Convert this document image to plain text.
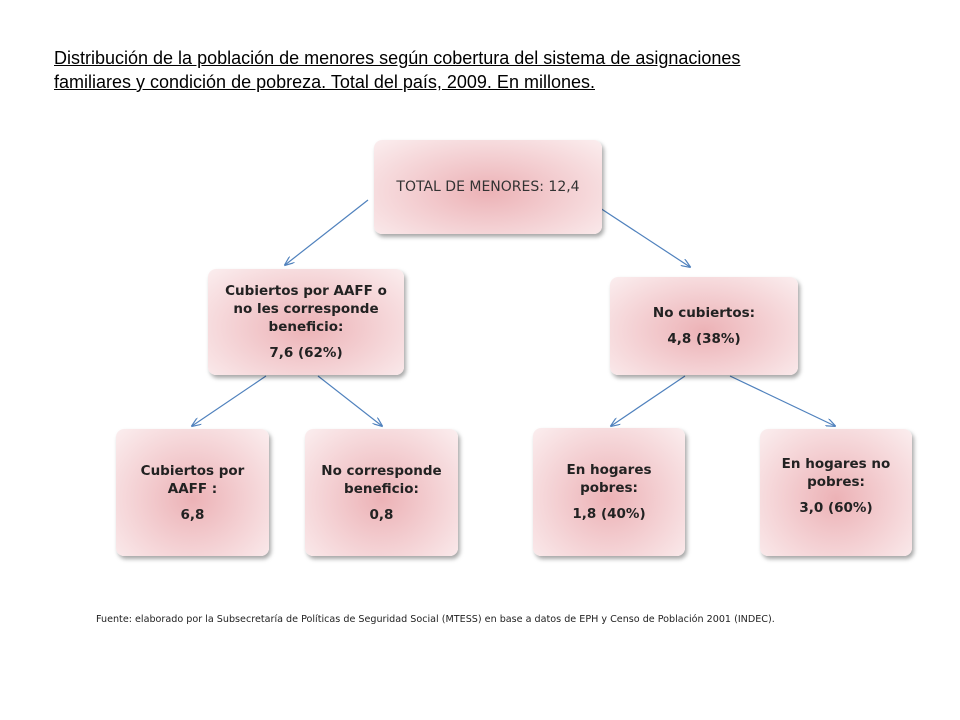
Distribución de la población de menores según cobertura del sistema de asignaciones
familiares y condición de pobreza. Total del país, 2009. En millones.
TOTAL DE MENORES: 12,4
Cubiertos por AAFF o no les corresponde beneficio:
7,6 (62%)
No cubiertos:
4,8 (38%)
Cubiertos por AAFF :
6,8
No corresponde beneficio:
0,8
En hogares pobres:
1,8 (40%)
En hogares no pobres:
3,0 (60%)
Fuente: elaborado por la Subsecretaría de Políticas de Seguridad Social (MTESS) en base a datos de EPH y Censo de Población 2001 (INDEC).
